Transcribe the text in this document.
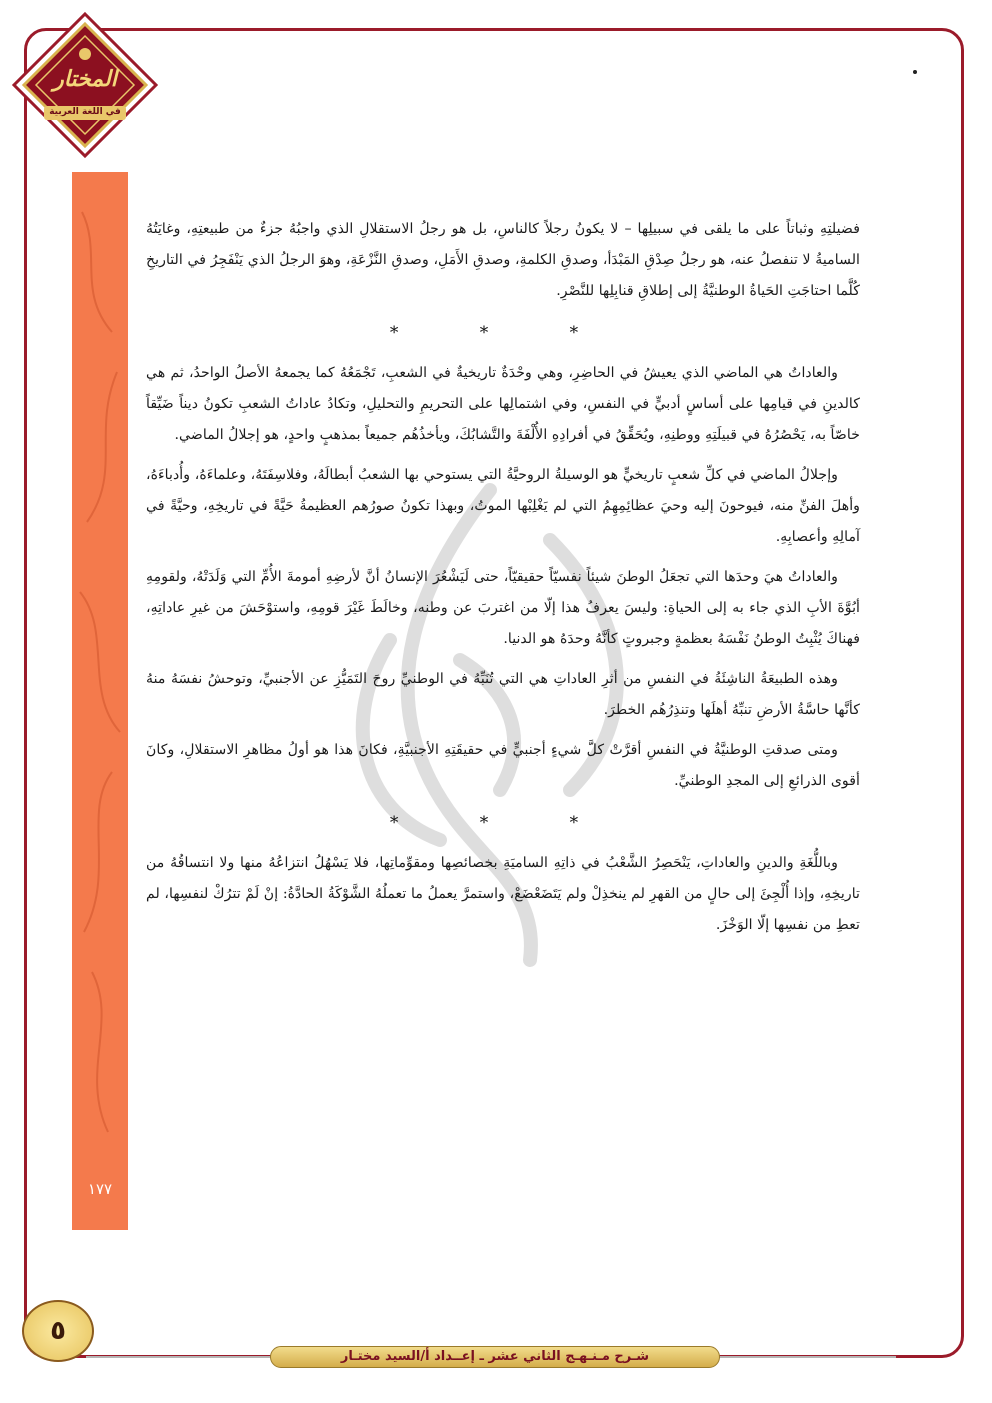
المختار
في اللغة العربية
١٧٧

فضيلتِهِ وثباتاً على ما يلقى في سبيلِها – لا يكونُ رجلاً كالناسِ، بل هو رجلُ الاستقلالِ الذي واجبُهُ جزءٌ من طبيعتِهِ، وغايَتُهُ الساميةُ لا تنفصلُ عنه، هو رجلُ صِدْقِ المَبْدَأ، وصدقِ الكلمةِ، وصدقِ الأَمَلِ، وصدقِ النَّزْعَةِ، وهوَ الرجلُ الذي يَنْفَجِرُ في التاريخِ كُلَّما احتاجَتِ الحَياةُ الوطنيَّةُ إلى إطلاقِ قنابِلِها للنَّصْرِ.

* * *

والعاداتُ هي الماضي الذي يعيشُ في الحاضِرِ، وهي وحْدَةٌ تاريخيةٌ في الشعبِ، تَجْمَعُهُ كما يجمعهُ الأصلُ الواحدُ، ثم هي كالدينِ في قيامِها على أساسٍ أدبيٍّ في النفسِ، وفي اشتمالِها على التحريمِ والتحليلِ، وتكادُ عاداتُ الشعبِ تكونُ ديناً ضَيِّقاً خاصّاً به، يَحْصُرُهُ في قبيلَتِهِ ووطنِهِ، ويُحَقِّقُ في أفرادِهِ الأُلْفَةَ والتَّشابُكَ، ويأخذُهُم جميعاً بمذهبٍ واحدٍ، هو إجلالُ الماضي.

وإجلالُ الماضي في كلِّ شعبٍ تاريخيٍّ هو الوسيلةُ الروحيَّةُ التي يستوحي بها الشعبُ أبطالَهُ، وفلاسِفَتَهُ، وعلماءَهُ، وأُدباءَهُ، وأهلَ الفنِّ منه، فيوحونَ إليه وحيَ عظائِمِهِمُ التي لم يَغْلِبْها الموتُ، وبهذا تكونُ صورُهم العظيمةُ حَيَّةً في تاريخِهِ، وحيَّةً في آمالِهِ وأعصابِهِ.

والعاداتُ هيَ وحدَها التي تجعَلُ الوطنَ شيئاً نفسيّاً حقيقيّاً، حتى لَيَشْعُرَ الإنسانُ أنَّ لأرضِهِ أمومةَ الأُمِّ التي وَلَدَتْهُ، ولقومِهِ أبُوَّةَ الأبِ الذي جاء به إلى الحياةِ: وليسَ يعرفُ هذا إلّا من اغتربَ عن وطنه، وخالَطَ غَيْرَ قومِهِ، واستوْحَشَ من غيرِ عاداتِهِ، فهناكَ يُثْبِتُ الوطنُ نَفْسَهُ بعظمةٍ وجبروتٍ كأنَّهُ وحدَهُ هو الدنيا.

وهذه الطبيعَةُ الناشِئَةُ في النفسِ من أثرِ العاداتِ هي التي تُنَبِّهُ في الوطنيِّ روحَ التَمَيُّزِ عن الأجنبيِّ، وتوحشُ نفسَهُ منهُ كأنَّها حاسَّةُ الأرضِ تنبِّهُ أهلَها وتنذِرُهُم الخطرَ.

ومتى صدقتِ الوطنيَّةُ في النفسِ أقرَّتْ كلَّ شيءٍ أجنبيٍّ في حقيقَتِهِ الأجنبيَّةِ، فكانَ هذا هو أولُ مظاهرِ الاستقلالِ، وكانَ أقوى الذرائعِ إلى المجدِ الوطنيِّ.

* * *

وباللُّغَةِ والدينِ والعاداتِ، يَنْحَصِرُ الشَّعْبُ في ذاتِهِ الساميَةِ بخصائصِها ومقوِّماتِها، فلا يَسْهُلُ انتزاعُهُ منها ولا انتساقُهُ من تاريخِهِ، وإذا أُلْجِئَ إلى حالٍ من القهرِ لم ينخذِلْ ولم يَتَضَعْضَعْ، واستمرَّ يعملُ ما تعملُهُ الشَّوْكَةُ الحادَّةُ: إنْ لَمْ تترُكْ لنفسِها، لم تعطِ من نفسِها إلّا الوَخْزَ.

شـرح مـنـهـج الثاني عشر ـ إعــداد أ/السيد مختـار
٥
